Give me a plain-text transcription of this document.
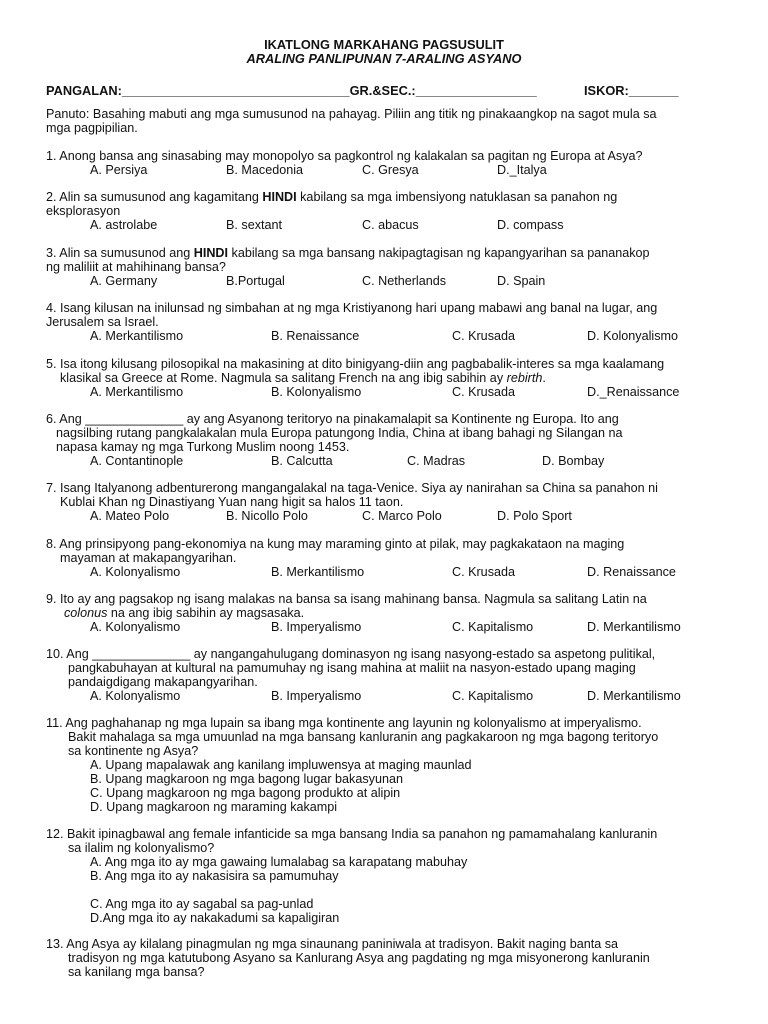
IKATLONG MARKAHANG PAGSUSULIT
ARALING PANLIPUNAN 7-ARALING ASYANO
PANGALAN:________________________________GR.&SEC.:_________________	ISKOR:_______
Panuto: Basahing mabuti ang mga sumusunod na pahayag. Piliin ang titik ng pinakaangkop na sagot mula sa
mga pagpipilian.
1. Anong bansa ang sinasabing may monopolyo sa pagkontrol ng kalakalan sa pagitan ng Europa at Asya?
A. Persiya	B. Macedonia	C. Gresya	D._Italya
2. Alin sa sumusunod ang kagamitang HINDI kabilang sa mga imbensiyong natuklasan sa panahon ng
eksplorasyon
A. astrolabe	B. sextant	C. abacus	D. compass
3. Alin sa sumusunod ang HINDI kabilang sa mga bansang nakipagtagisan ng kapangyarihan sa pananakop
ng maliliit at mahihinang bansa?
A. Germany	B.Portugal	C. Netherlands	D. Spain
4. Isang kilusan na inilunsad ng simbahan at ng mga Kristiyanong hari upang mabawi ang banal na lugar, ang
Jerusalem sa Israel.
A. Merkantilismo	B. Renaissance	C. Krusada	D. Kolonyalismo
5. Isa itong kilusang pilosopikal na makasining at dito binigyang-diin ang pagbabalik-interes sa mga kaalamang
klasikal sa Greece at Rome. Nagmula sa salitang French na ang ibig sabihin ay rebirth.
A. Merkantilismo	B. Kolonyalismo	C. Krusada	D._Renaissance
6. Ang ______________ ay ang Asyanong teritoryo na pinakamalapit sa Kontinente ng Europa. Ito ang
nagsilbing rutang pangkalakalan mula Europa patungong India, China at ibang bahagi ng Silangan na
napasa kamay ng mga Turkong Muslim noong 1453.
A. Contantinople	B. Calcutta	C. Madras	D. Bombay
7. Isang Italyanong adbenturerong mangangalakal na taga-Venice. Siya ay nanirahan sa China sa panahon ni
Kublai Khan ng Dinastiyang Yuan nang higit sa halos 11 taon.
A. Mateo Polo	B. Nicollo Polo	C. Marco Polo	D. Polo Sport
8. Ang prinsipyong pang-ekonomiya na kung may maraming ginto at pilak, may pagkakataon na maging
mayaman at makapangyarihan.
A. Kolonyalismo	B. Merkantilismo	C. Krusada	D. Renaissance
9. Ito ay ang pagsakop ng isang malakas na bansa sa isang mahinang bansa. Nagmula sa salitang Latin na
colonus na ang ibig sabihin ay magsasaka.
A. Kolonyalismo	B. Imperyalismo	C. Kapitalismo	D. Merkantilismo
10. Ang ______________ ay nangangahulugang dominasyon ng isang nasyong-estado sa aspetong pulitikal,
pangkabuhayan at kultural na pamumuhay ng isang mahina at maliit na nasyon-estado upang maging
pandaigdigang makapangyarihan.
A. Kolonyalismo	B. Imperyalismo	C. Kapitalismo	D. Merkantilismo
11. Ang paghahanap ng mga lupain sa ibang mga kontinente ang layunin ng kolonyalismo at imperyalismo.
Bakit mahalaga sa mga umuunlad na mga bansang kanluranin ang pagkakaroon ng mga bagong teritoryo
sa kontinente ng Asya?
A. Upang mapalawak ang kanilang impluwensya at maging maunlad
B. Upang magkaroon ng mga bagong lugar bakasyunan
C. Upang magkaroon ng mga bagong produkto at alipin
D. Upang magkaroon ng maraming kakampi
12. Bakit ipinagbawal ang female infanticide sa mga bansang India sa panahon ng pamamahalang kanluranin
sa ilalim ng kolonyalismo?
A. Ang mga ito ay mga gawaing lumalabag sa karapatang mabuhay
B. Ang mga ito ay nakasisira sa pamumuhay
C. Ang mga ito ay sagabal sa pag-unlad
D.Ang mga ito ay nakakadumi sa kapaligiran
13. Ang Asya ay kilalang pinagmulan ng mga sinaunang paniniwala at tradisyon. Bakit naging banta sa
tradisyon ng mga katutubong Asyano sa Kanlurang Asya ang pagdating ng mga misyonerong kanluranin
sa kanilang mga bansa?
